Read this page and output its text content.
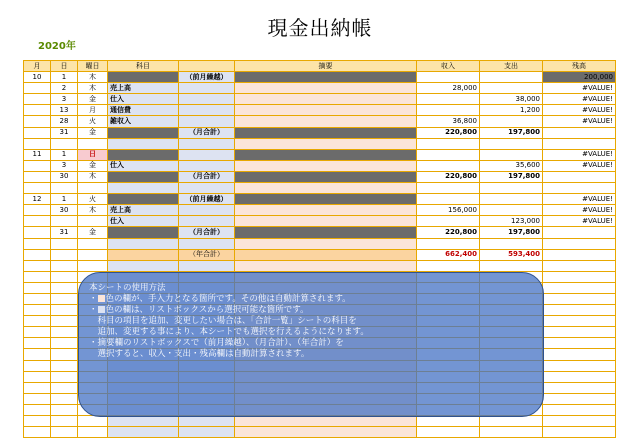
現金出納帳
2020年
月	日	曜日	科目		摘要	収入	支出	残高
10	1	木		（前月繰越）				200,000
	2	木	売上高			28,000		#VALUE!
	3	金	仕入				38,000	#VALUE!
	13	月	通信費				1,200	#VALUE!
	28	火	雑収入			36,800		#VALUE!
	31	金		（月合計）		220,800	197,800	

11	1	日						#VALUE!
	3	金	仕入				35,600	#VALUE!
	30	木		（月合計）		220,800	197,800	

12	1	火		（前月繰越）				#VALUE!
	30	木	売上高			156,000		#VALUE!
			仕入				123,000	#VALUE!
	31	金		（月合計）		220,800	197,800	

				（年合計）		662,400	593,400	

本シートの使用方法
・ 色の欄が、手入力となる箇所です。その他は自動計算されます。
・ 色の欄は、リストボックスから選択可能な箇所です。
　科目の項目を追加、変更したい場合は、「合計一覧」シートの科目を
　追加、変更する事により、本シートでも選択を行えるようになります。
・摘要欄のリストボックスで（前月繰越）、（月合計）、（年合計）を
　選択すると、収入・支出・残高欄は自動計算されます。
